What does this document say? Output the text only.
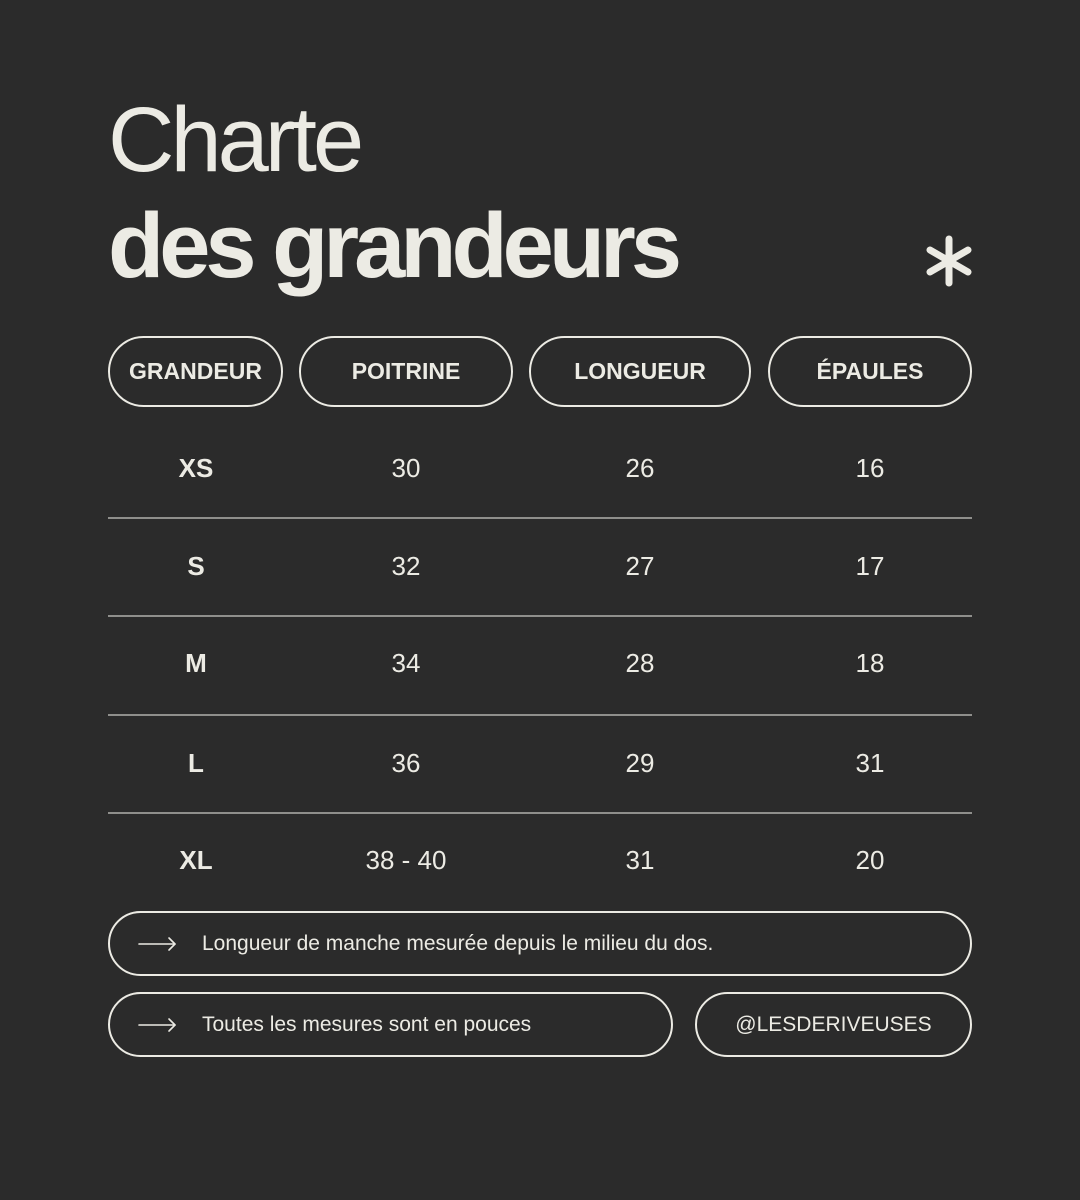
Charte
des grandeurs
GRANDEUR	POITRINE	LONGUEUR	ÉPAULES
XS	30	26	16
S	32	27	17
M	34	28	18
L	36	29	31
XL	38 - 40	31	20
Longueur de manche mesurée depuis le milieu du dos.
Toutes les mesures sont en pouces	@LESDERIVEUSES
